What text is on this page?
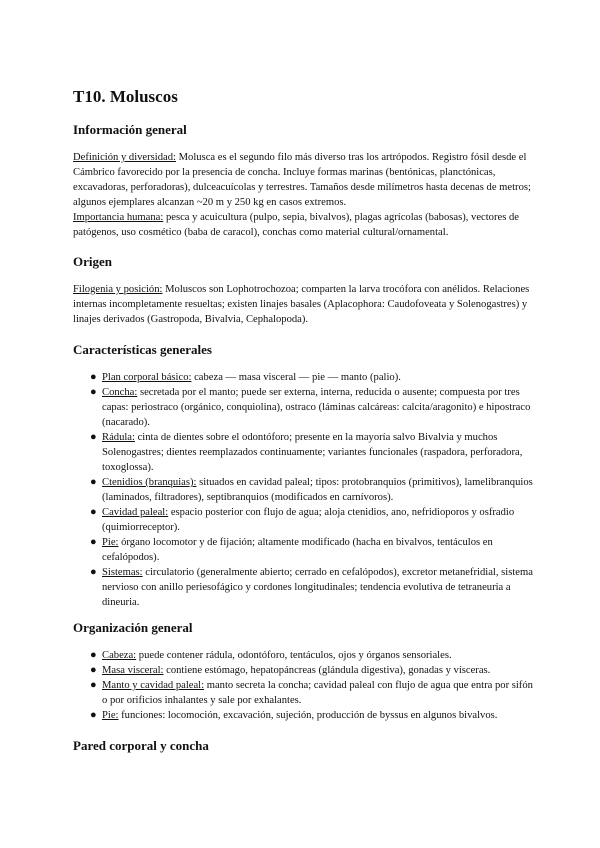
T10. Moluscos
Información general

Definición y diversidad: Molusca es el segundo filo más diverso tras los artrópodos. Registro fósil desde el Cámbrico favorecido por la presencia de concha. Incluye formas marinas (bentónicas, planctónicas, excavadoras, perforadoras), dulceacuícolas y terrestres. Tamaños desde milímetros hasta decenas de metros; algunos ejemplares alcanzan ~20 m y 250 kg en casos extremos.

Importancia humana: pesca y acuicultura (pulpo, sepia, bivalvos), plagas agrícolas (babosas), vectores de patógenos, uso cosmético (baba de caracol), conchas como material cultural/ornamental.

Origen

Filogenia y posición: Moluscos son Lophotrochozoa; comparten la larva trocófora con anélidos. Relaciones internas incompletamente resueltas; existen linajes basales (Aplacophora: Caudofoveata y Solenogastres) y linajes derivados (Gastropoda, Bivalvia, Cephalopoda).

Características generales
● Plan corporal básico: cabeza — masa visceral — pie — manto (palio).
● Concha: secretada por el manto; puede ser externa, interna, reducida o ausente; compuesta por tres capas: periostraco (orgánico, conquiolina), ostraco (láminas calcáreas: calcita/aragonito) e hipostraco (nacarado).
● Rádula: cinta de dientes sobre el odontóforo; presente en la mayoría salvo Bivalvia y muchos Solenogastres; dientes reemplazados continuamente; variantes funcionales (raspadora, perforadora, toxoglossa).
● Ctenidios (branquias): situados en cavidad paleal; tipos: protobranquios (primitivos), lamelibranquios (laminados, filtradores), septibranquios (modificados en carnívoros).
● Cavidad paleal: espacio posterior con flujo de agua; aloja ctenidios, ano, nefridioporos y osfradio (quimiorreceptor).
● Pie: órgano locomotor y de fijación; altamente modificado (hacha en bivalvos, tentáculos en cefalópodos).
● Sistemas: circulatorio (generalmente abierto; cerrado en cefalópodos), excretor metanefridial, sistema nervioso con anillo periesofágico y cordones longitudinales; tendencia evolutiva de tetraneuria a dineuria.
Organización general
● Cabeza: puede contener rádula, odontóforo, tentáculos, ojos y órganos sensoriales.
● Masa visceral: contiene estómago, hepatopáncreas (glándula digestiva), gonadas y vísceras.
● Manto y cavidad paleal: manto secreta la concha; cavidad paleal con flujo de agua que entra por sifón o por orificios inhalantes y sale por exhalantes.
● Pie: funciones: locomoción, excavación, sujeción, producción de byssus en algunos bivalvos.
Pared corporal y concha
